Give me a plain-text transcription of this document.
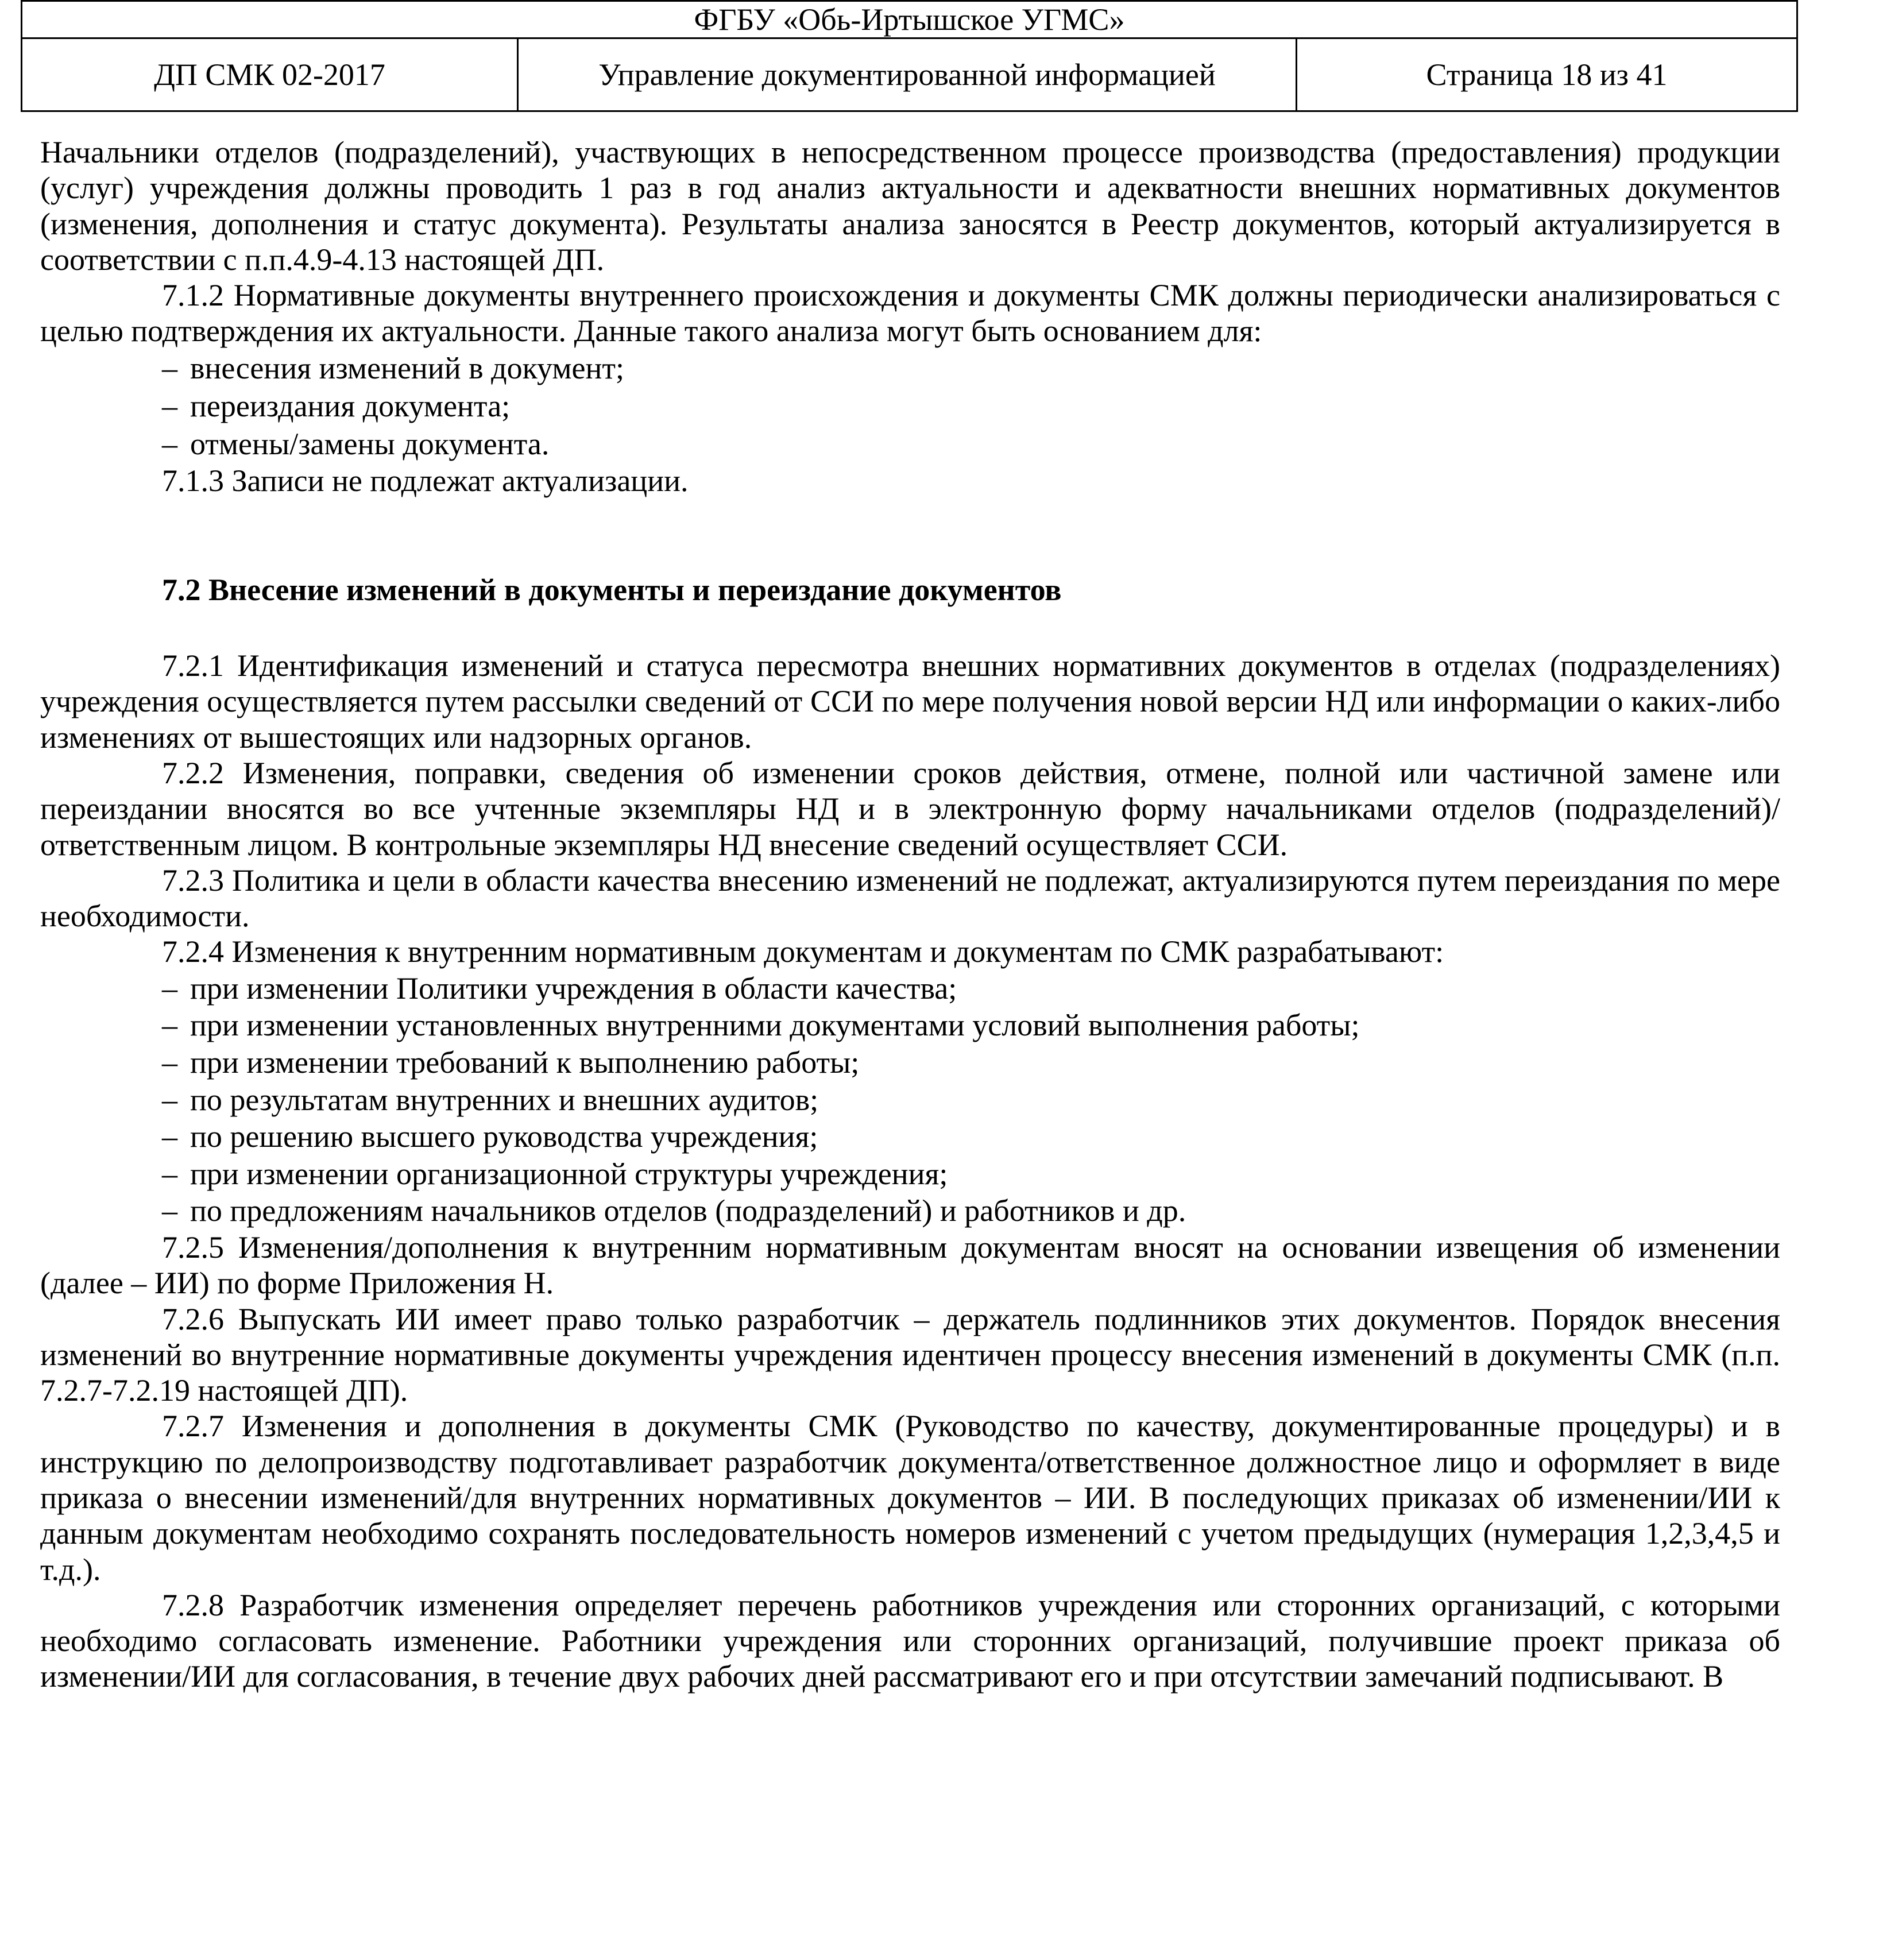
ФГБУ «Обь-Иртышское УГМС»
ДП СМК 02-2017	Управление документированной информацией	Страница 18 из 41

Начальники отделов (подразделений), участвующих в непосредственном процессе производства (предоставления) продукции (услуг) учреждения должны проводить 1 раз в год анализ актуальности и адекватности внешних нормативных документов (изменения, дополнения и статус документа). Результаты анализа заносятся в Реестр документов, который актуализируется в соответствии с п.п.4.9-4.13 настоящей ДП.

7.1.2 Нормативные документы внутреннего происхождения и документы СМК должны периодически анализироваться с целью подтверждения их актуальности. Данные такого анализа могут быть основанием для:

– внесения изменений в документ;

– переиздания документа;

– отмены/замены документа.

7.1.3 Записи не подлежат актуализации.

7.2 Внесение изменений в документы и переиздание документов

7.2.1 Идентификация изменений и статуса пересмотра внешних нормативних документов в отделах (подразделениях) учреждения осуществляется путем рассылки сведений от ССИ по мере получения новой версии НД или информации о каких-либо изменениях от вышестоящих или надзорных органов.

7.2.2 Изменения, поправки, сведения об изменении сроков действия, отмене, полной или частичной замене или переиздании вносятся во все учтенные экземпляры НД и в электронную форму начальниками отделов (подразделений)/ ответственным лицом. В контрольные экземпляры НД внесение сведений осуществляет ССИ.

7.2.3 Политика и цели в области качества внесению изменений не подлежат, актуализируются путем переиздания по мере необходимости.

7.2.4 Изменения к внутренним нормативным документам и документам по СМК разрабатывают:

– при изменении Политики учреждения в области качества;

– при изменении установленных внутренними документами условий выполнения работы;

– при изменении требований к выполнению работы;

– по результатам внутренних и внешних аудитов;

– по решению высшего руководства учреждения;

– при изменении организационной структуры учреждения;

– по предложениям начальников отделов (подразделений) и работников и др.

7.2.5 Изменения/дополнения к внутренним нормативным документам вносят на основании извещения об изменении (далее – ИИ) по форме Приложения Н.

7.2.6 Выпускать ИИ имеет право только разработчик – держатель подлинников этих документов. Порядок внесения изменений во внутренние нормативные документы учреждения идентичен процессу внесения изменений в документы СМК (п.п. 7.2.7-7.2.19 настоящей ДП).

7.2.7 Изменения и дополнения в документы СМК (Руководство по качеству, документированные процедуры) и в инструкцию по делопроизводству подготавливает разработчик документа/ответственное должностное лицо и оформляет в виде приказа о внесении изменений/для внутренних нормативных документов – ИИ. В последующих приказах об изменении/ИИ к данным документам необходимо сохранять последовательность номеров изменений с учетом предыдущих (нумерация 1,2,3,4,5 и т.д.).

7.2.8 Разработчик изменения определяет перечень работников учреждения или сторонних организаций, с которыми необходимо согласовать изменение. Работники учреждения или сторонних организаций, получившие проект приказа об изменении/ИИ для согласования, в течение двух рабочих дней рассматривают его и при отсутствии замечаний подписывают. В
